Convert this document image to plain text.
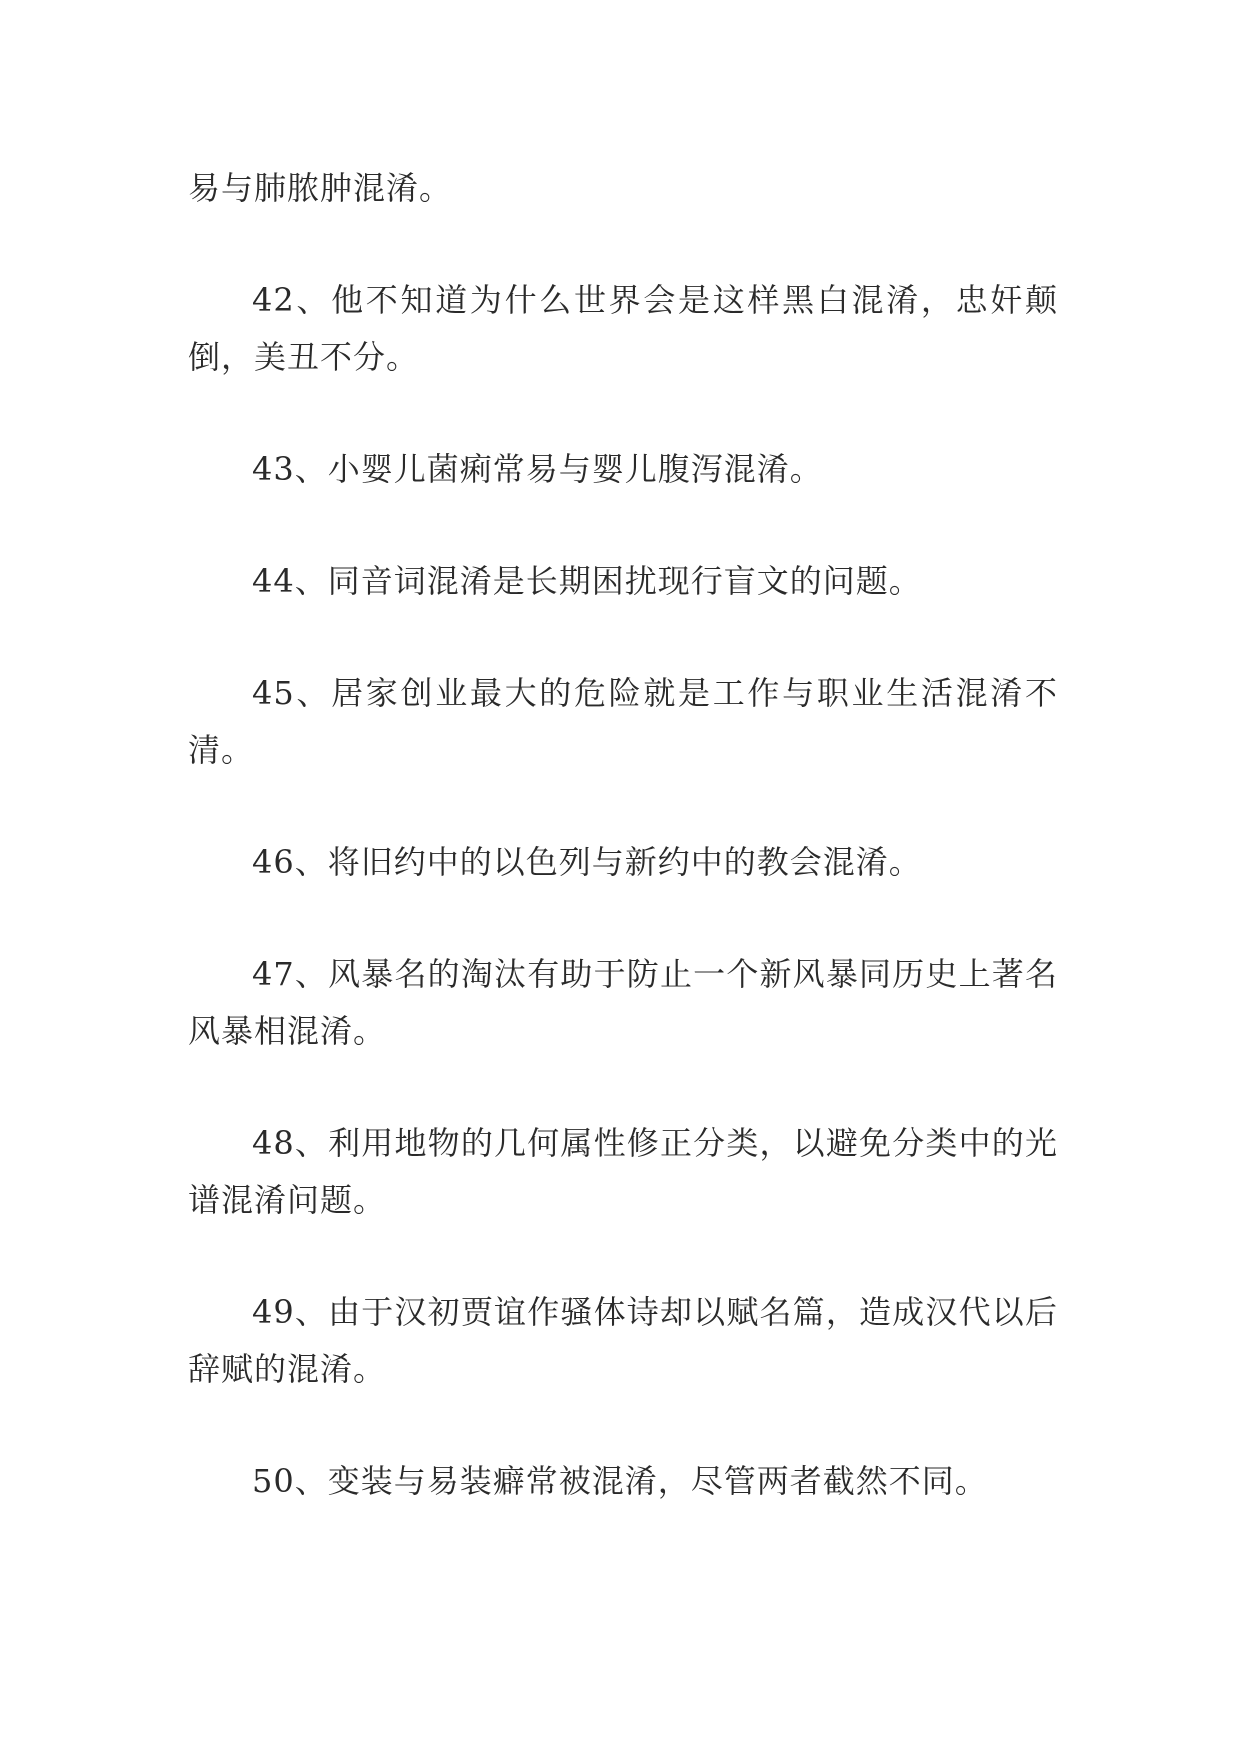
易与肺脓肿混淆。

42、他不知道为什么世界会是这样黑白混淆，忠奸颠倒，美丑不分。

43、小婴儿菌痢常易与婴儿腹泻混淆。

44、同音词混淆是长期困扰现行盲文的问题。

45、居家创业最大的危险就是工作与职业生活混淆不清。

46、将旧约中的以色列与新约中的教会混淆。

47、风暴名的淘汰有助于防止一个新风暴同历史上著名风暴相混淆。

48、利用地物的几何属性修正分类，以避免分类中的光谱混淆问题。

49、由于汉初贾谊作骚体诗却以赋名篇，造成汉代以后辞赋的混淆。

50、变装与易装癖常被混淆，尽管两者截然不同。
